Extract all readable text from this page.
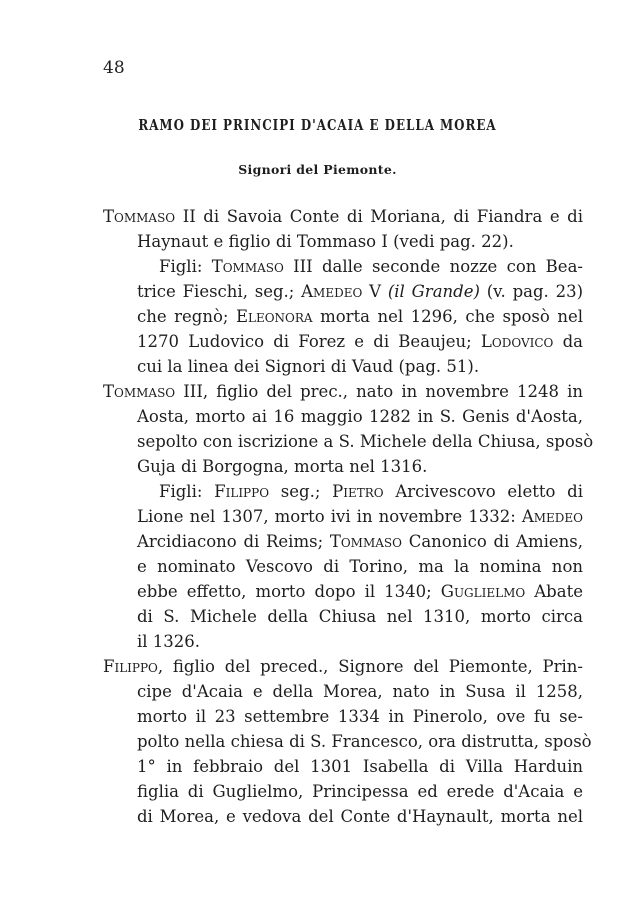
48
RAMO DEI PRINCIPI D'ACAIA E DELLA MOREA
Signori del Piemonte.
Tommaso II di Savoia Conte di Moriana, di Fiandra e di
Haynaut e figlio di Tommaso I (vedi pag. 22).
Figli: Tommaso III dalle seconde nozze con Bea-
trice Fieschi, seg.; Amedeo V (il Grande) (v. pag. 23)
che regnò; Eleonora morta nel 1296, che sposò nel
1270 Ludovico di Forez e di Beaujeu; Lodovico da
cui la linea dei Signori di Vaud (pag. 51).
Tommaso III, figlio del prec., nato in novembre 1248 in
Aosta, morto ai 16 maggio 1282 in S. Genis d'Aosta,
sepolto con iscrizione a S. Michele della Chiusa, sposò
Guja di Borgogna, morta nel 1316.
Figli: Filippo seg.; Pietro Arcivescovo eletto di
Lione nel 1307, morto ivi in novembre 1332: Amedeo
Arcidiacono di Reims; Tommaso Canonico di Amiens,
e nominato Vescovo di Torino, ma la nomina non
ebbe effetto, morto dopo il 1340; Guglielmo Abate
di S. Michele della Chiusa nel 1310, morto circa
il 1326.
Filippo, figlio del preced., Signore del Piemonte, Prin-
cipe d'Acaia e della Morea, nato in Susa il 1258,
morto il 23 settembre 1334 in Pinerolo, ove fu se-
polto nella chiesa di S. Francesco, ora distrutta, sposò
1° in febbraio del 1301 Isabella di Villa Harduin
figlia di Guglielmo, Principessa ed erede d'Acaia e
di Morea, e vedova del Conte d'Haynault, morta nel
